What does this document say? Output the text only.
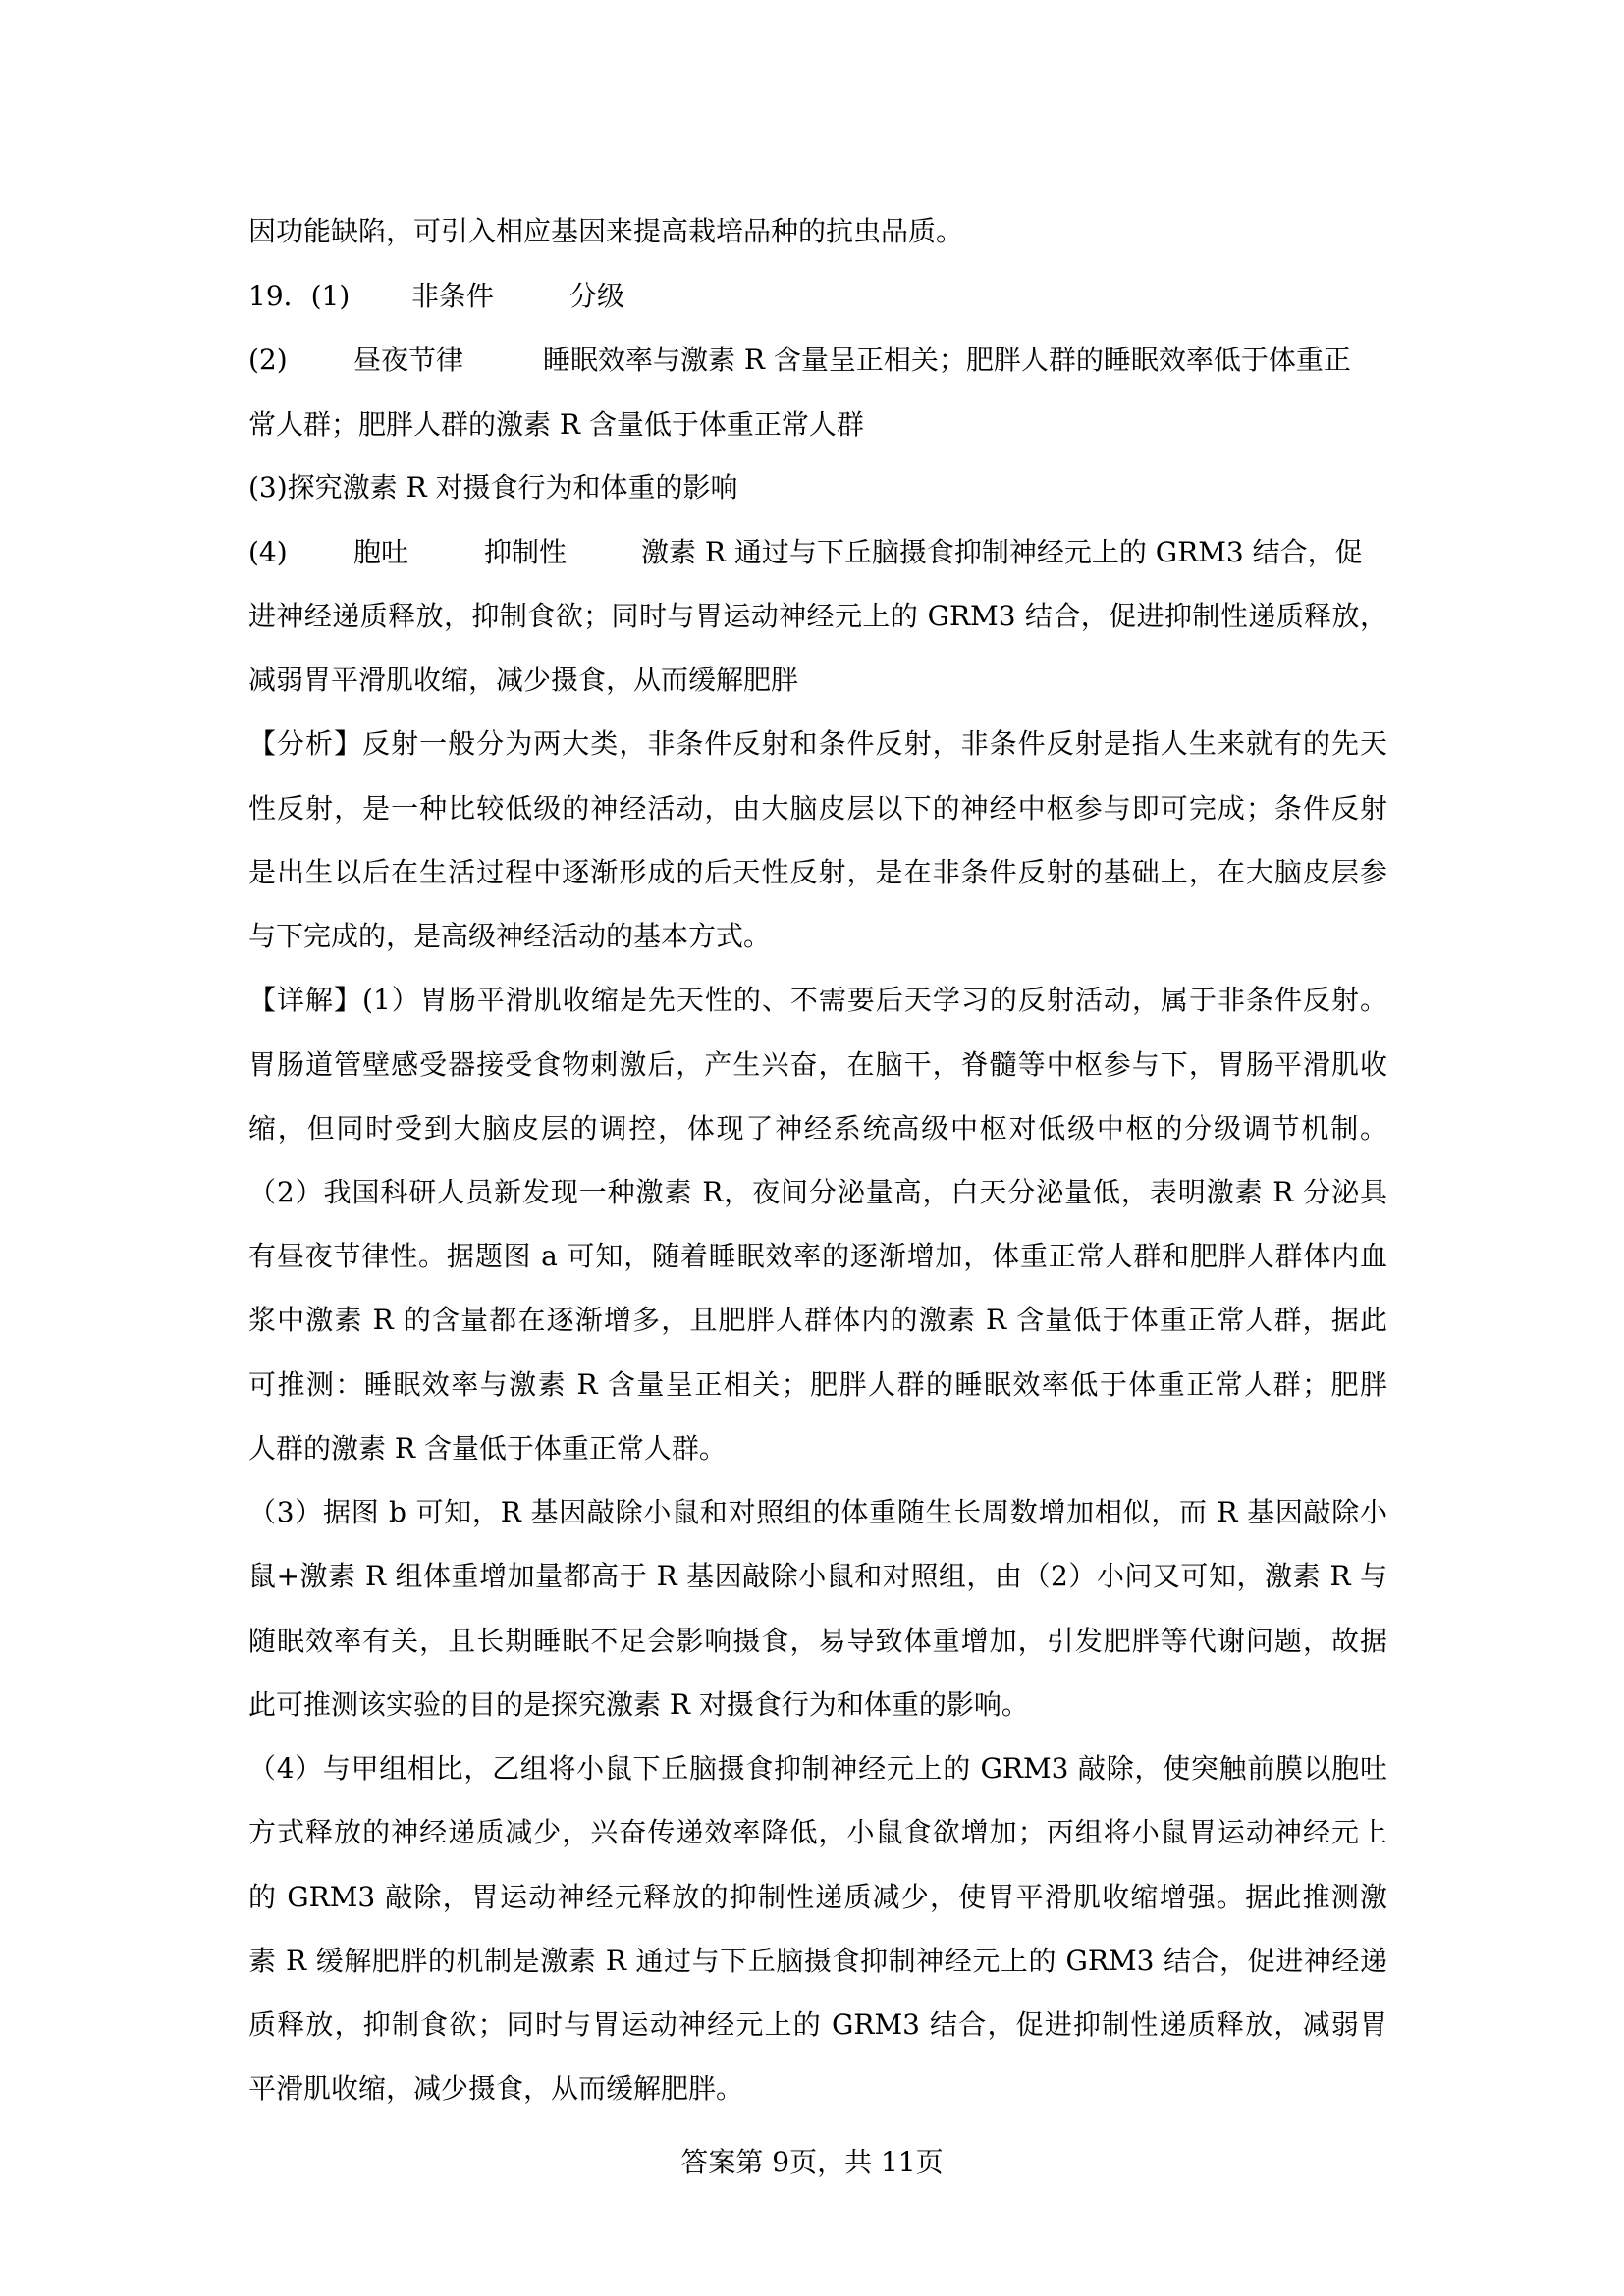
因功能缺陷，可引入相应基因来提高栽培品种的抗虫品质。
19．(1) 非条件	分级
(2) 昼夜节律	睡眠效率与激素 R 含量呈正相关；肥胖人群的睡眠效率低于体重正
常人群；肥胖人群的激素 R 含量低于体重正常人群
(3)探究激素 R 对摄食行为和体重的影响
(4) 胞吐	抑制性	激素 R 通过与下丘脑摄食抑制神经元上的 GRM3 结合，促
进神经递质释放，抑制食欲；同时与胃运动神经元上的 GRM3 结合，促进抑制性递质释放，
减弱胃平滑肌收缩，减少摄食，从而缓解肥胖
【分析】反射一般分为两大类，非条件反射和条件反射，非条件反射是指人生来就有的先天
性反射，是一种比较低级的神经活动，由大脑皮层以下的神经中枢参与即可完成；条件反射
是出生以后在生活过程中逐渐形成的后天性反射，是在非条件反射的基础上，在大脑皮层参
与下完成的，是高级神经活动的基本方式。
【详解】(1）胃肠平滑肌收缩是先天性的、不需要后天学习的反射活动，属于非条件反射。
胃肠道管壁感受器接受食物刺激后，产生兴奋，在脑干，脊髓等中枢参与下，胃肠平滑肌收
缩，但同时受到大脑皮层的调控，体现了神经系统高级中枢对低级中枢的分级调节机制。
（2）我国科研人员新发现一种激素 R，夜间分泌量高，白天分泌量低，表明激素 R 分泌具
有昼夜节律性。据题图 a 可知，随着睡眠效率的逐渐增加，体重正常人群和肥胖人群体内血
浆中激素 R 的含量都在逐渐增多，且肥胖人群体内的激素 R 含量低于体重正常人群，据此
可推测：睡眠效率与激素 R 含量呈正相关；肥胖人群的睡眠效率低于体重正常人群；肥胖
人群的激素 R 含量低于体重正常人群。
（3）据图 b 可知，R 基因敲除小鼠和对照组的体重随生长周数增加相似，而 R 基因敲除小
鼠+激素 R 组体重增加量都高于 R 基因敲除小鼠和对照组，由（2）小问又可知，激素 R 与
随眠效率有关，且长期睡眠不足会影响摄食，易导致体重增加，引发肥胖等代谢问题，故据
此可推测该实验的目的是探究激素 R 对摄食行为和体重的影响。
（4）与甲组相比，乙组将小鼠下丘脑摄食抑制神经元上的 GRM3 敲除，使突触前膜以胞吐
方式释放的神经递质减少，兴奋传递效率降低，小鼠食欲增加；丙组将小鼠胃运动神经元上
的 GRM3 敲除，胃运动神经元释放的抑制性递质减少，使胃平滑肌收缩增强。据此推测激
素 R 缓解肥胖的机制是激素 R 通过与下丘脑摄食抑制神经元上的 GRM3 结合，促进神经递
质释放，抑制食欲；同时与胃运动神经元上的 GRM3 结合，促进抑制性递质释放，减弱胃
平滑肌收缩，减少摄食，从而缓解肥胖。
答案第 9页，共 11页
